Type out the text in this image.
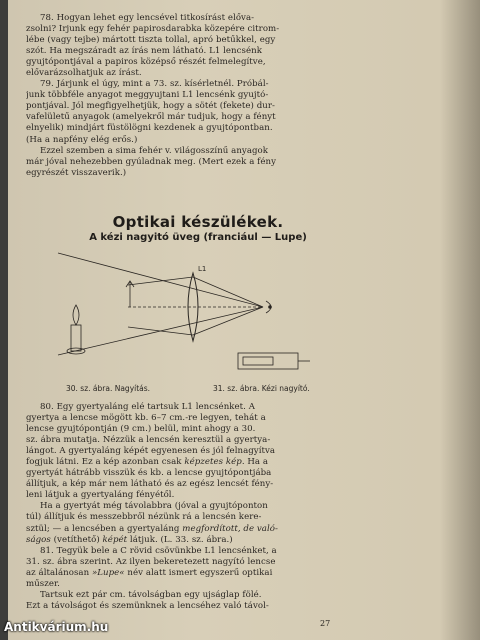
78. Hogyan lehet egy lencsével titkosírást előva-
zsolni? Írjunk egy fehér papirosdarabka közepére citrom-
lébe (vagy tejbe) mártott tiszta tollal, apró betűkkel, egy
szót. Ha megszáradt az írás nem látható. L1 lencsénk
gyujtópontjával a papiros középső részét felmelegítve,
elővarázsolhatjuk az írást.
79. Járjunk el úgy, mint a 73. sz. kísérletnél. Próbál-
junk többféle anyagot meggyujtani L1 lencsénk gyujtó-
pontjával. Jól megfigyelhetjük, hogy a sötét (fekete) dur-
vafelületű anyagok (amelyekről már tudjuk, hogy a fényt
elnyelik) mindjárt füstölögni kezdenek a gyujtópontban.
(Ha a napfény elég erős.)
Ezzel szemben a sima fehér v. világosszínű anyagok
már jóval nehezebben gyúladnak meg. (Mert ezek a fény
egyrészét visszaverik.)
Optikai készülékek.
A kézi nagyitó üveg (franciául — Lupe)
L1
30. sz. ábra. Nagyítás.	31. sz. ábra. Kézi nagyító.
80. Egy gyertyaláng elé tartsuk L1 lencsénket. A
gyertya a lencse mögött kb. 6–7 cm.-re legyen, tehát a
lencse gyujtópontján (9 cm.) belül, mint ahogy a 30.
sz. ábra mutatja. Nézzük a lencsén keresztül a gyertya-
lángot. A gyertyaláng képét egyenesen és jól felnagyítva
fogjuk látni. Ez a kép azonban csak képzetes kép. Ha a
gyertyát hátrább visszük és kb. a lencse gyujtópontjába
állítjuk, a kép már nem látható és az egész lencsét fény-
leni látjuk a gyertyaláng fényétől.
Ha a gyertyát még távolabbra (jóval a gyujtóponton
túl) állítjuk és messzebbről nézünk rá a lencsén kere-
sztül; — a lencsében a gyertyaláng megfordított, de való-
ságos (vetíthető) képét látjuk. (L. 33. sz. ábra.)
81. Tegyük bele a C rövid csövünkbe L1 lencsénket, a
31. sz. ábra szerint. Az ilyen bekeretezett nagyító lencse
az általánosan »Lupe« név alatt ismert egyszerű optikai
műszer.
Tartsuk ezt pár cm. távolságban egy ujságlap fölé.
Ezt a távolságot és szemünknek a lencséhez való távol-
27
Antikvárium.hu
